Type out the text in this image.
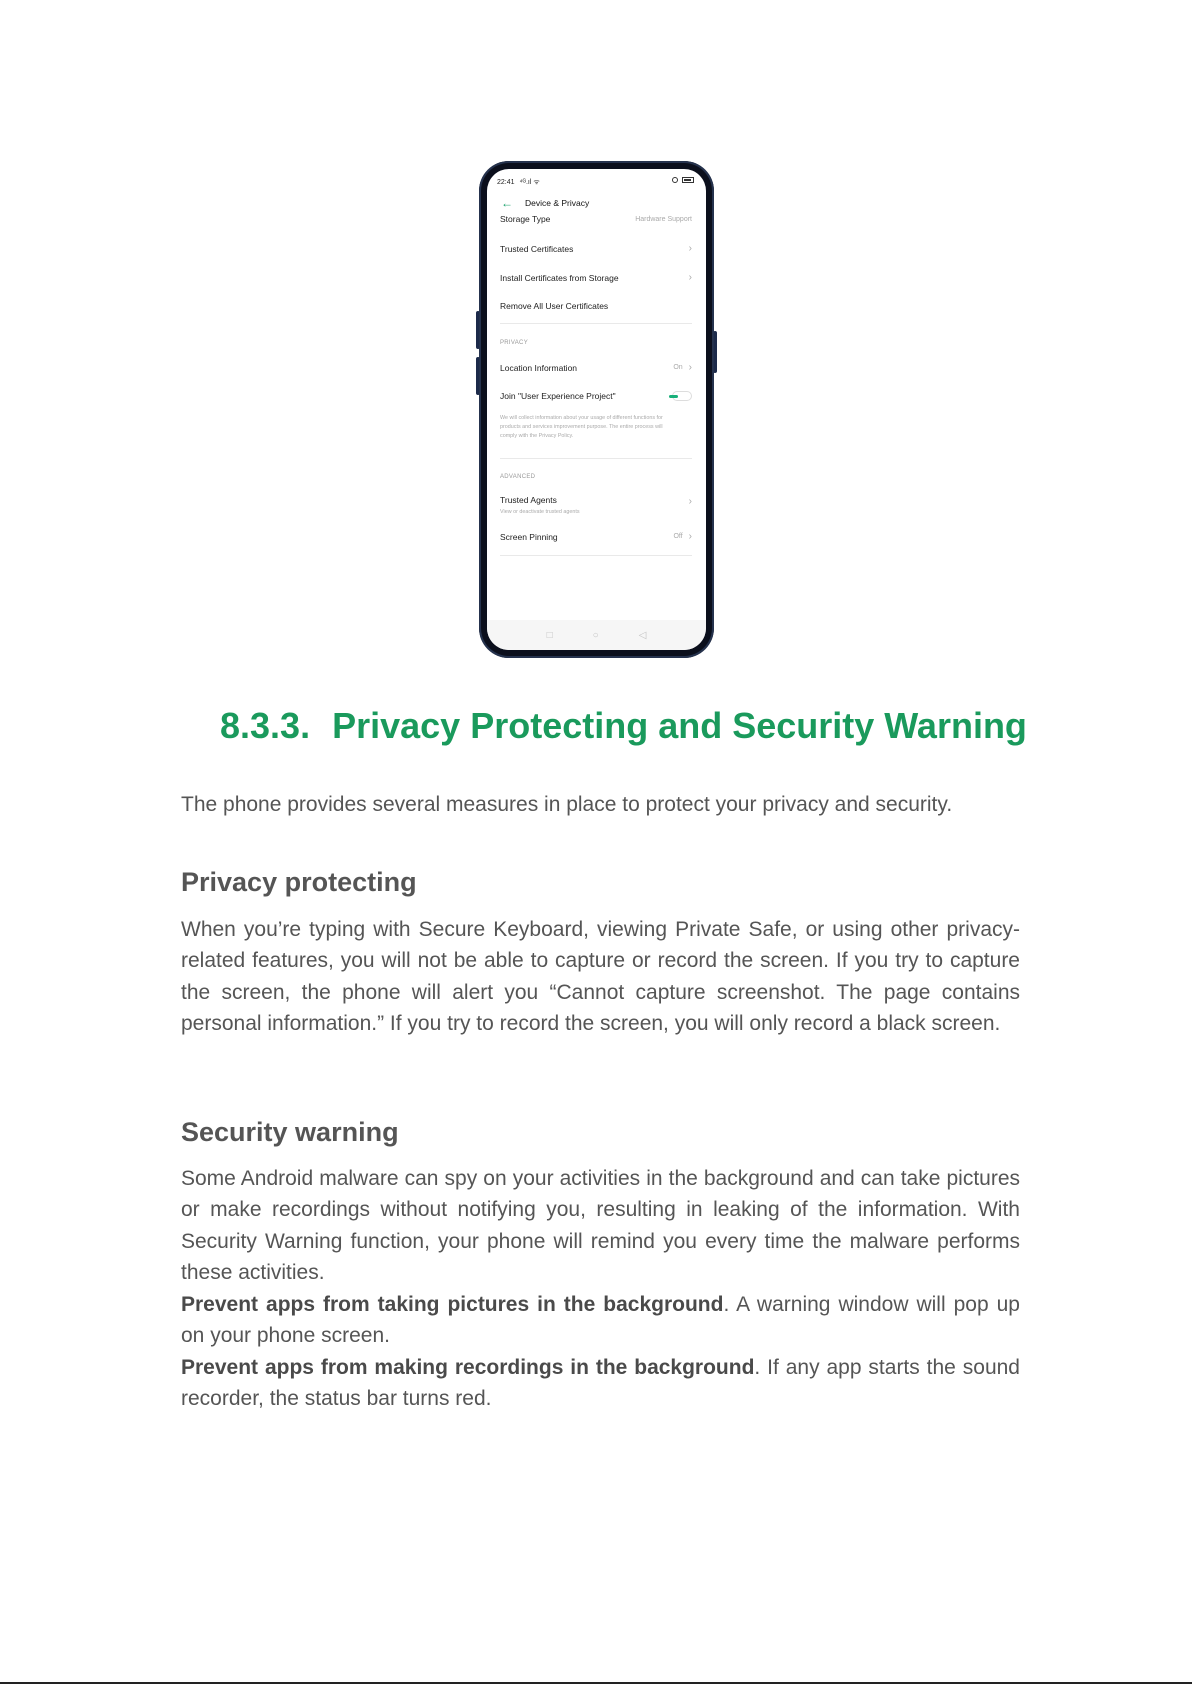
22:41 ⁴ᴳ.ıl ᯤ
← Device & Privacy
Storage Type	Hardware Support
Trusted Certificates	›
Install Certificates from Storage	›
Remove All User Certificates
PRIVACY
Location Information	On ›
Join "User Experience Project"
We will collect information about your usage of different functions for products and services improvement purpose. The entire process will comply with the Privacy Policy.
ADVANCED
Trusted Agents	›
View or deactivate trusted agents
Screen Pinning	Off ›
□	○	◁
8.3.3. Privacy Protecting and Security Warning

The phone provides several measures in place to protect your privacy and security.

Privacy protecting

When you’re typing with Secure Keyboard, viewing Private Safe, or using other privacy-related features, you will not be able to capture or record the screen. If you try to capture the screen, the phone will alert you “Cannot capture screenshot. The page contains personal information.” If you try to record the screen, you will only record a black screen.

Security warning

Some Android malware can spy on your activities in the background and can take pictures or make recordings without notifying you, resulting in leaking of the information. With Security Warning function, your phone will remind you every time the malware performs these activities.

Prevent apps from taking pictures in the background. A warning window will pop up on your phone screen.

Prevent apps from making recordings in the background. If any app starts the sound recorder, the status bar turns red.
